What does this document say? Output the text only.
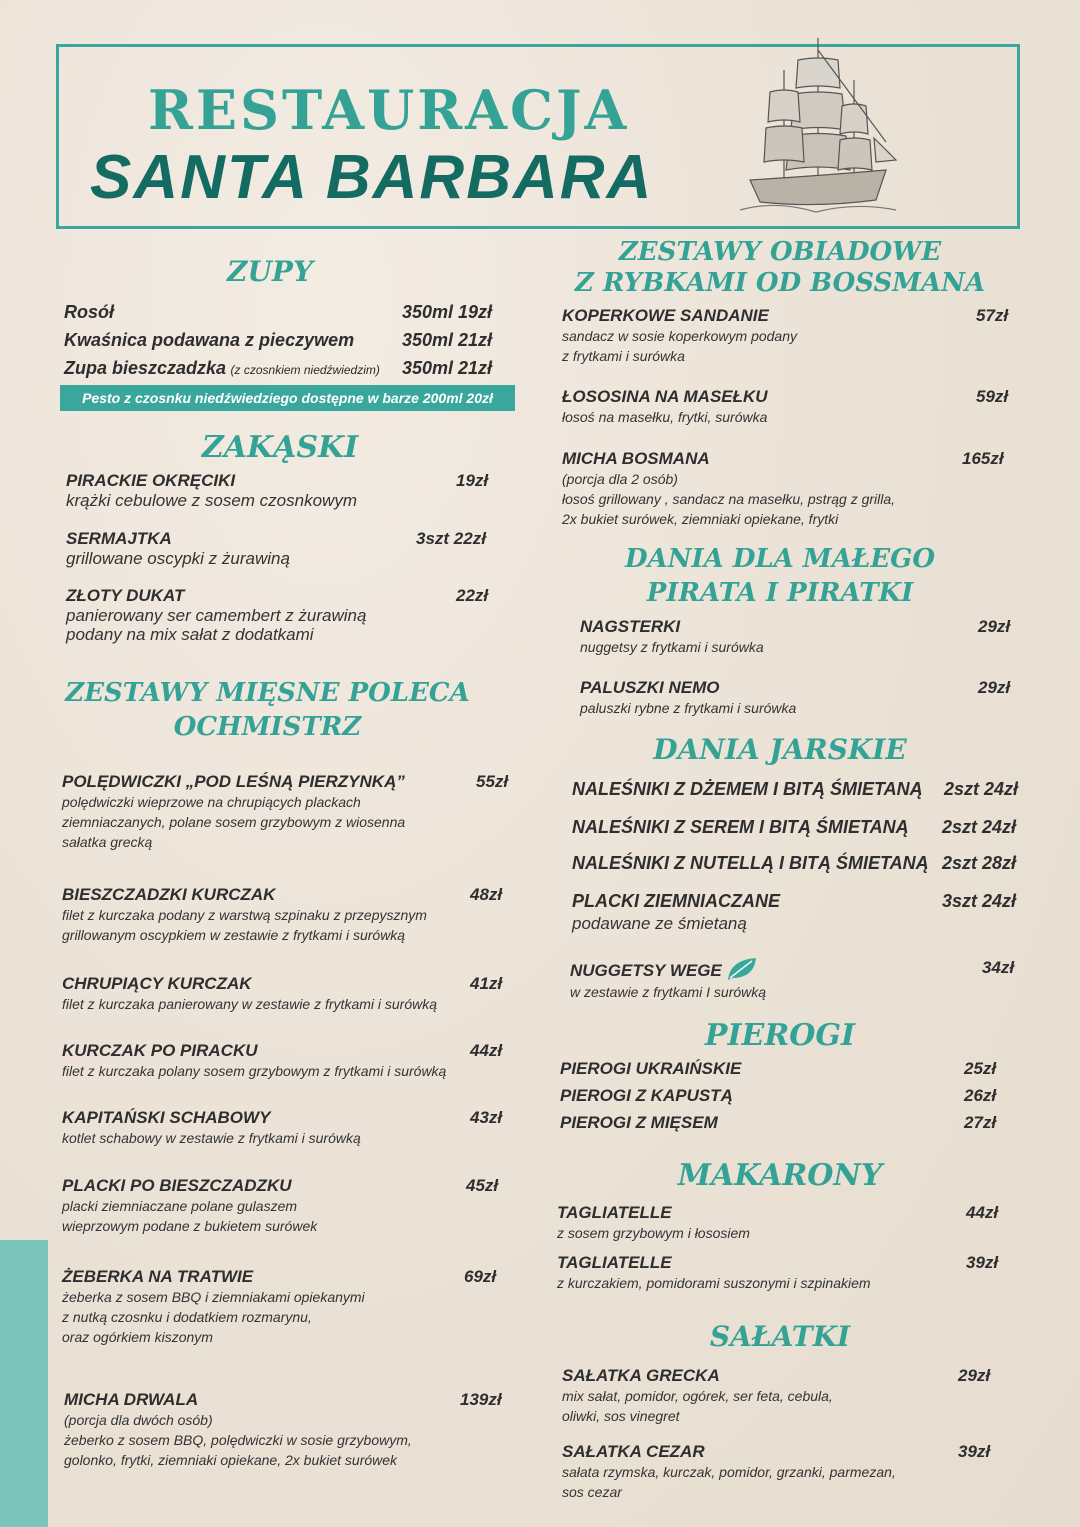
RESTAURACJA
SANTA BARBARA
ZUPY
Rosół	350ml 19zł
Kwaśnica podawana z pieczywem	350ml 21zł
Zupa bieszczadzka (z czosnkiem niedźwiedzim) 350ml 21zł
Pesto z czosnku niedźwiedziego dostępne w barze 200ml 20zł
ZAKĄSKI
PIRACKIE OKRĘCIKI
krążki cebulowe z sosem czosnkowym
19zł
SERMAJTKA
grillowane oscypki z żurawiną
3szt 22zł
ZŁOTY DUKAT
panierowany ser camembert z żurawiną
podany na mix sałat z dodatkami
22zł
ZESTAWY MIĘSNE POLECA
OCHMISTRZ
POLĘDWICZKI „POD LEŚNĄ PIERZYNKĄ”
polędwiczki wieprzowe na chrupiących plackach
ziemniaczanych, polane sosem grzybowym z wiosenna
sałatka grecką
55zł
BIESZCZADZKI KURCZAK
filet z kurczaka podany z warstwą szpinaku z przepysznym
grillowanym oscypkiem w zestawie z frytkami i surówką
48zł
CHRUPIĄCY KURCZAK
filet z kurczaka panierowany w zestawie z frytkami i surówką
41zł
KURCZAK PO PIRACKU
filet z kurczaka polany sosem grzybowym z frytkami i surówką
44zł
KAPITAŃSKI SCHABOWY
kotlet schabowy w zestawie z frytkami i surówką
43zł
PLACKI PO BIESZCZADZKU
placki ziemniaczane polane gulaszem
wieprzowym podane z bukietem surówek
45zł
ŻEBERKA NA TRATWIE
żeberka z sosem BBQ i ziemniakami opiekanymi
z nutką czosnku i dodatkiem rozmarynu,
oraz ogórkiem kiszonym
69zł
MICHA DRWALA
(porcja dla dwóch osób)
żeberko z sosem BBQ, polędwiczki w sosie grzybowym,
golonko, frytki, ziemniaki opiekane, 2x bukiet surówek
139zł
ZESTAWY OBIADOWE
Z RYBKAMI OD BOSSMANA
KOPERKOWE SANDANIE
sandacz w sosie koperkowym podany
z frytkami i surówka
57zł
ŁOSOSINA NA MASEŁKU
łosoś na masełku, frytki, surówka
59zł
MICHA BOSMANA
(porcja dla 2 osób)
łosoś grillowany , sandacz na masełku, pstrąg z grilla,
2x bukiet surówek, ziemniaki opiekane, frytki
165zł
DANIA DLA MAŁEGO
PIRATA I PIRATKI
NAGSTERKI
nuggetsy z frytkami i surówka
29zł
PALUSZKI NEMO
paluszki rybne z frytkami i surówka
29zł
DANIA JARSKIE
NALEŚNIKI Z DŻEMEM I BITĄ ŚMIETANĄ 2szt 24zł
NALEŚNIKI Z SEREM I BITĄ ŚMIETANĄ 2szt 24zł
NALEŚNIKI Z NUTELLĄ I BITĄ ŚMIETANĄ 2szt 28zł
PLACKI ZIEMNIACZANE
podawane ze śmietaną
3szt 24zł
NUGGETSY WEGE
w zestawie z frytkami I surówką
34zł
PIEROGI
PIEROGI UKRAIŃSKIE	25zł
PIEROGI Z KAPUSTĄ	26zł
PIEROGI Z MIĘSEM	27zł
MAKARONY
TAGLIATELLE
z sosem grzybowym i łososiem
44zł
TAGLIATELLE
z kurczakiem, pomidorami suszonymi i szpinakiem
39zł
SAŁATKI
SAŁATKA GRECKA
mix sałat, pomidor, ogórek, ser feta, cebula,
oliwki, sos vinegret
29zł
SAŁATKA CEZAR
sałata rzymska, kurczak, pomidor, grzanki, parmezan,
sos cezar
39zł
